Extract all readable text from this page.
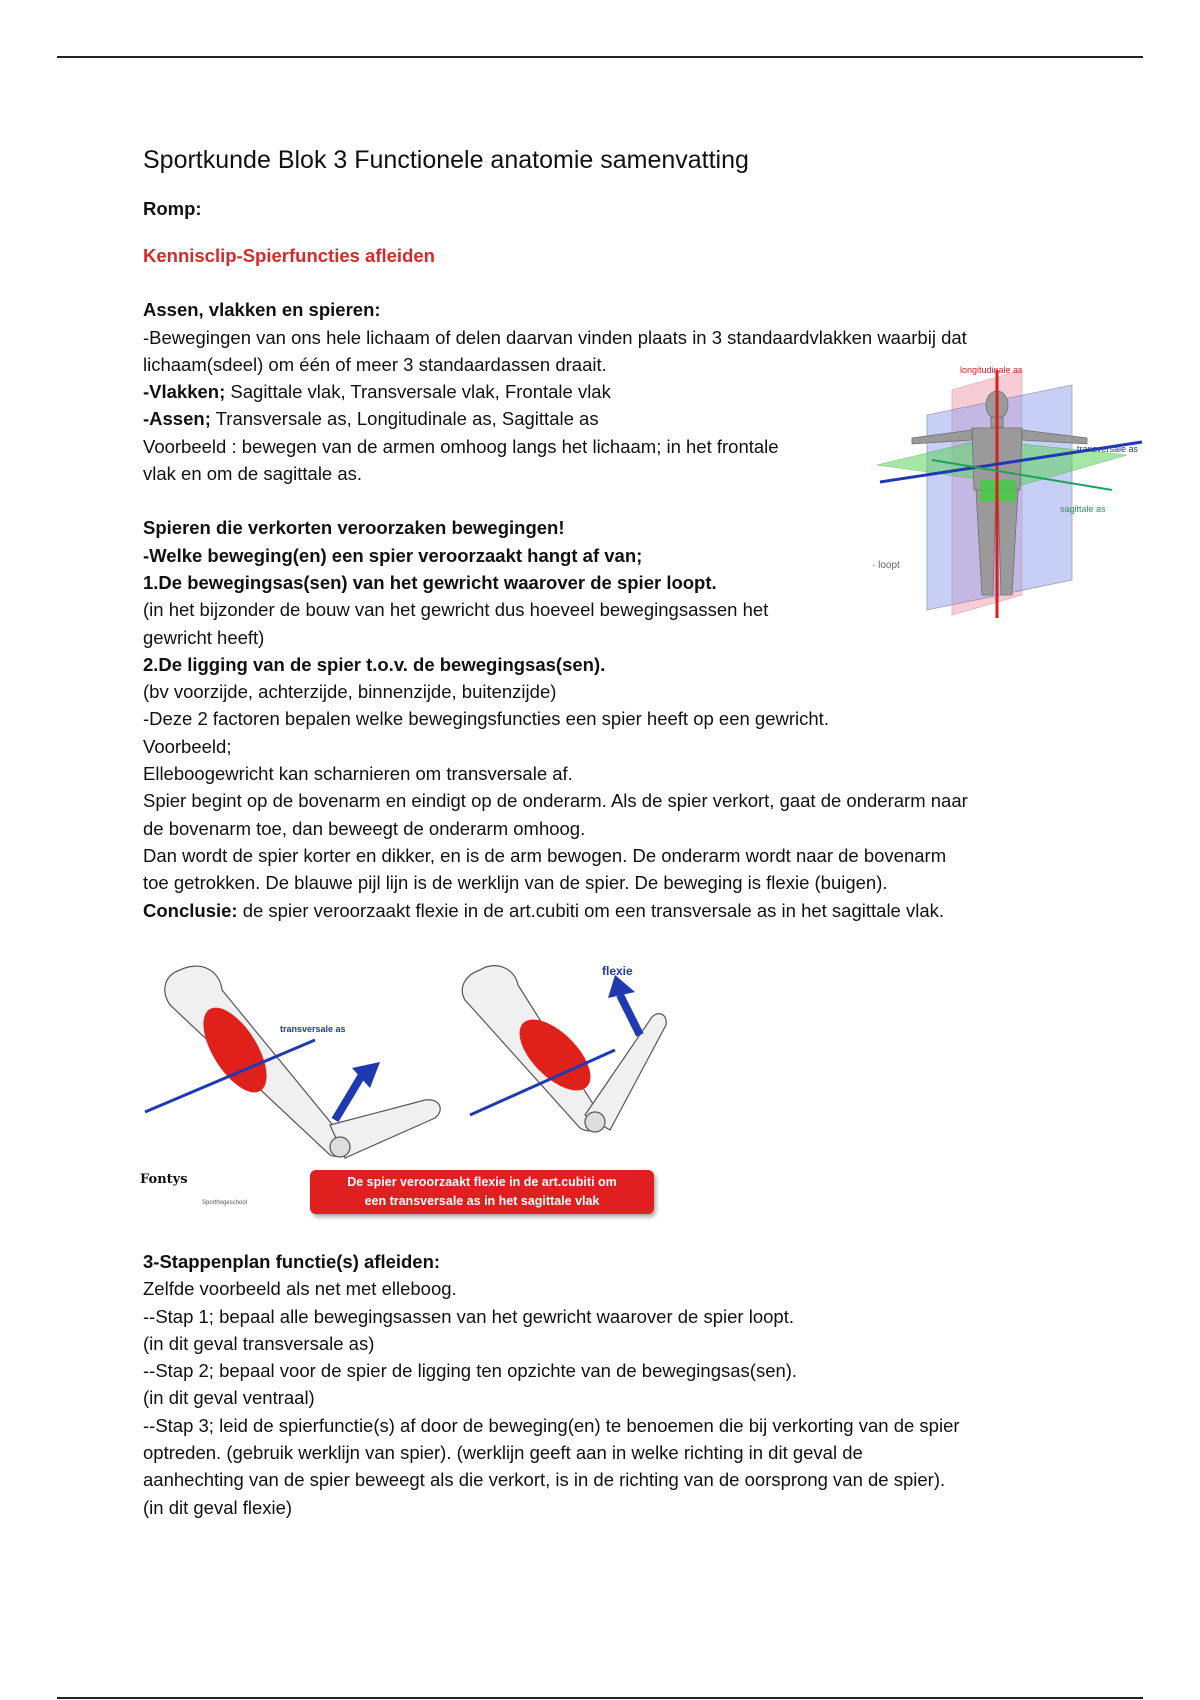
Sportkunde Blok 3 Functionele anatomie samenvatting
Romp:
Kennisclip-Spierfuncties afleiden
Assen, vlakken en spieren:
-Bewegingen van ons hele lichaam of delen daarvan vinden plaats in 3 standaardvlakken waarbij dat
lichaam(sdeel) om één of meer 3 standaardassen draait.
-Vlakken; Sagittale vlak, Transversale vlak, Frontale vlak
-Assen; Transversale as, Longitudinale as, Sagittale as
Voorbeeld : bewegen van de armen omhoog langs het lichaam; in het frontale
vlak en om de sagittale as.
Spieren die verkorten veroorzaken bewegingen!
-Welke beweging(en) een spier veroorzaakt hangt af van;
1.De bewegingsas(sen) van het gewricht waarover de spier loopt.
(in het bijzonder de bouw van het gewricht dus hoeveel bewegingsassen het
gewricht heeft)
2.De ligging van de spier t.o.v. de bewegingsas(sen).
(bv voorzijde, achterzijde, binnenzijde, buitenzijde)
-Deze 2 factoren bepalen welke bewegingsfuncties een spier heeft op een gewricht.
Voorbeeld;
Elleboogewricht kan scharnieren om transversale af.
Spier begint op de bovenarm en eindigt op de onderarm. Als de spier verkort, gaat de onderarm naar
de bovenarm toe, dan beweegt de onderarm omhoog.
Dan wordt de spier korter en dikker, en is de arm bewogen. De onderarm wordt naar de bovenarm
toe getrokken. De blauwe pijl lijn is de werklijn van de spier. De beweging is flexie (buigen).
Conclusie: de spier veroorzaakt flexie in de art.cubiti om een transversale as in het sagittale vlak.
longitudinale as
transversale as
sagittale as
· loopt
transversale as
flexie
Fontys
Sporthogeschool
De spier veroorzaakt flexie in de art.cubiti om
een transversale as in het sagittale vlak
3-Stappenplan functie(s) afleiden:
Zelfde voorbeeld als net met elleboog.
--Stap 1; bepaal alle bewegingsassen van het gewricht waarover de spier loopt.
(in dit geval transversale as)
--Stap 2; bepaal voor de spier de ligging ten opzichte van de bewegingsas(sen).
(in dit geval ventraal)
--Stap 3; leid de spierfunctie(s) af door de beweging(en) te benoemen die bij verkorting van de spier
optreden. (gebruik werklijn van spier). (werklijn geeft aan in welke richting in dit geval de
aanhechting van de spier beweegt als die verkort, is in de richting van de oorsprong van de spier).
(in dit geval flexie)
